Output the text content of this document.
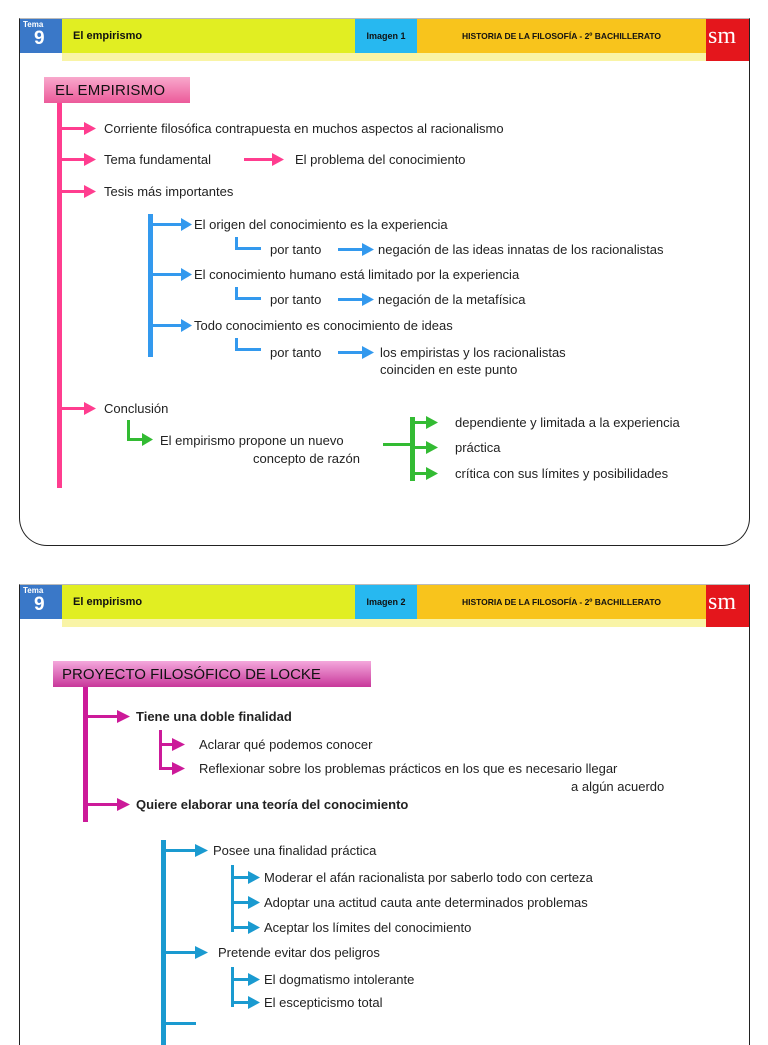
Tema
9	El empirismo	Imagen 1	HISTORIA DE LA FILOSOFÍA - 2º BACHILLERATO	sm
EL EMPIRISMO
Corriente filosófica contrapuesta en muchos aspectos al racionalismo
Tema fundamental	El problema del conocimiento
Tesis más importantes
El origen del conocimiento es la experiencia
por tanto	negación de las ideas innatas de los racionalistas
El conocimiento humano está limitado por la experiencia
por tanto	negación de la metafísica
Todo conocimiento es conocimiento de ideas
por tanto	los empiristas y los racionalistas
coinciden en este punto
Conclusión
El empirismo propone un nuevo
concepto de razón
dependiente y limitada a la experiencia
práctica
crítica con sus límites y posibilidades
Tema
9	El empirismo	Imagen 2	HISTORIA DE LA FILOSOFÍA - 2º BACHILLERATO	sm
PROYECTO FILOSÓFICO DE LOCKE
Tiene una doble finalidad
Aclarar qué podemos conocer
Reflexionar sobre los problemas prácticos en los que es necesario llegar
a algún acuerdo
Quiere elaborar una teoría del conocimiento
Posee una finalidad práctica
Moderar el afán racionalista por saberlo todo con certeza
Adoptar una actitud cauta ante determinados problemas
Aceptar los límites del conocimiento
Pretende evitar dos peligros
El dogmatismo intolerante
El escepticismo total
